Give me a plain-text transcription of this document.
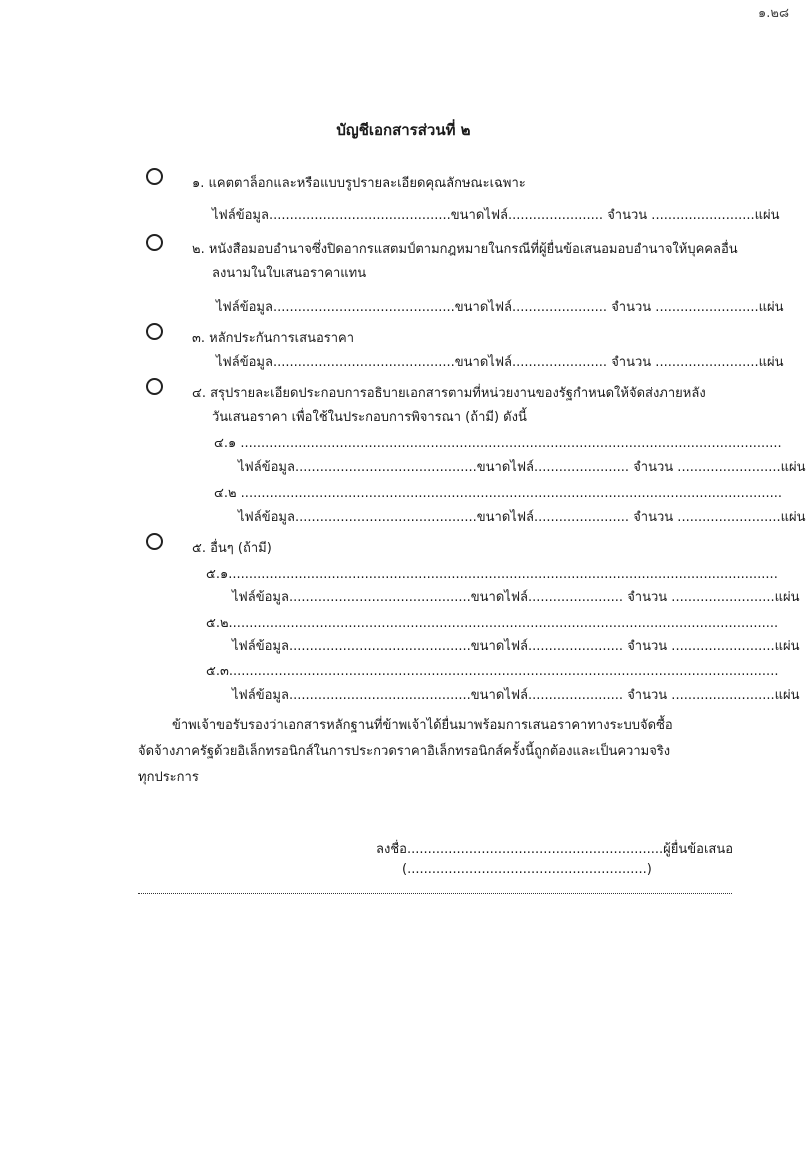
๑.๒๘
บัญชีเอกสารส่วนที่ ๒
๑. แคตตาล็อกและหรือแบบรูปรายละเอียดคุณลักษณะเฉพาะ
ไฟล์ข้อมูล............................................ขนาดไฟล์....................... จำนวน .........................แผ่น
๒. หนังสือมอบอำนาจซึ่งปิดอากรแสตมป์ตามกฎหมายในกรณีที่ผู้ยื่นข้อเสนอมอบอำนาจให้บุคคลอื่น
ลงนามในใบเสนอราคาแทน
ไฟล์ข้อมูล............................................ขนาดไฟล์....................... จำนวน .........................แผ่น
๓. หลักประกันการเสนอราคา
ไฟล์ข้อมูล............................................ขนาดไฟล์....................... จำนวน .........................แผ่น
๔. สรุปรายละเอียดประกอบการอธิบายเอกสารตามที่หน่วยงานของรัฐกำหนดให้จัดส่งภายหลัง
วันเสนอราคา เพื่อใช้ในประกอบการพิจารณา (ถ้ามี) ดังนี้
๔.๑ ...................................................................................................................................
ไฟล์ข้อมูล............................................ขนาดไฟล์....................... จำนวน .........................แผ่น
๔.๒ ...................................................................................................................................
ไฟล์ข้อมูล............................................ขนาดไฟล์....................... จำนวน .........................แผ่น
๕. อื่นๆ (ถ้ามี)
๕.๑.....................................................................................................................................
ไฟล์ข้อมูล............................................ขนาดไฟล์....................... จำนวน .........................แผ่น
๕.๒.....................................................................................................................................
ไฟล์ข้อมูล............................................ขนาดไฟล์....................... จำนวน .........................แผ่น
๕.๓.....................................................................................................................................
ไฟล์ข้อมูล............................................ขนาดไฟล์....................... จำนวน .........................แผ่น
ข้าพเจ้าขอรับรองว่าเอกสารหลักฐานที่ข้าพเจ้าได้ยื่นมาพร้อมการเสนอราคาทางระบบจัดซื้อ
จัดจ้างภาครัฐด้วยอิเล็กทรอนิกส์ในการประกวดราคาอิเล็กทรอนิกส์ครั้งนี้ถูกต้องและเป็นความจริง
ทุกประการ
ลงชื่อ..............................................................ผู้ยื่นข้อเสนอ
(..........................................................)
